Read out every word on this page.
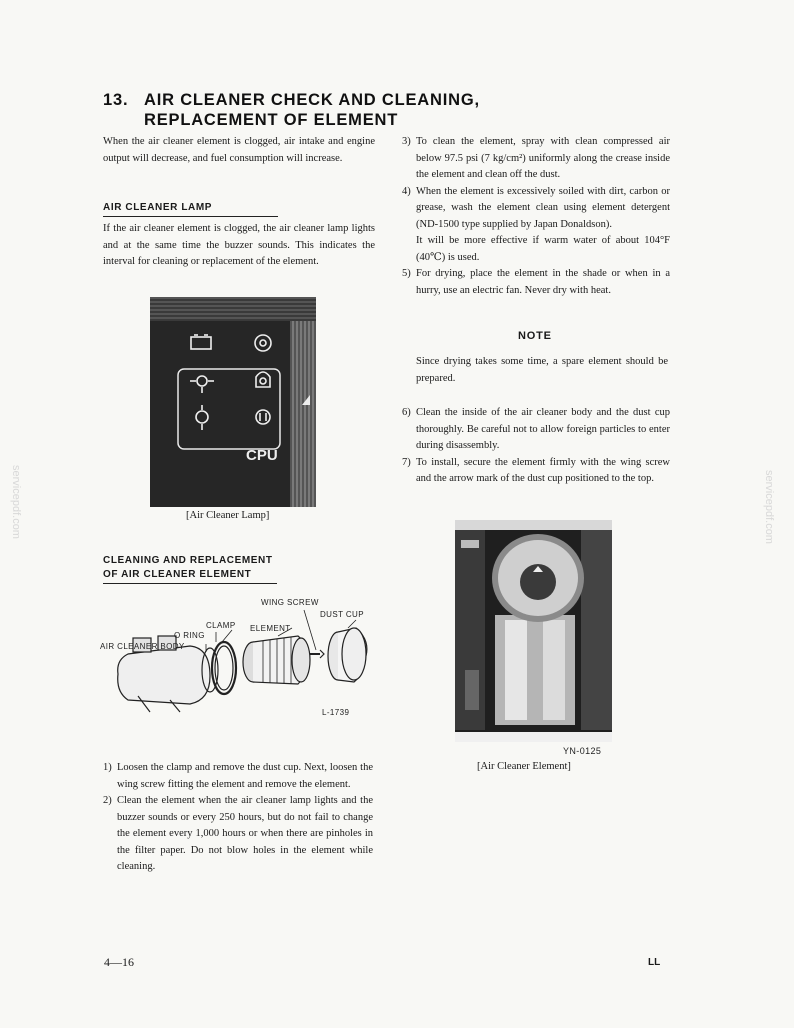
servicepdf.com	servicepdf.com
13. AIR CLEANER CHECK AND CLEANING,
REPLACEMENT OF ELEMENT
When the air cleaner element is clogged, air intake and engine output will decrease, and fuel consumption will increase.
AIR CLEANER LAMP
If the air cleaner element is clogged, the air cleaner lamp lights and at the same time the buzzer sounds. This indicates the interval for cleaning or replacement of the element.
CPU
[Air Cleaner Lamp]
CLEANING AND REPLACEMENT
OF AIR CLEANER ELEMENT
WING SCREW
DUST CUP
CLAMP ELEMENT
O RING
AIR CLEANER BODY
L-1739
1) Loosen the clamp and remove the dust cup. Next, loosen the wing screw fitting the element and remove the element.
2) Clean the element when the air cleaner lamp lights and the buzzer sounds or every 250 hours, but do not fail to change the element every 1,000 hours or when there are pinholes in the filter paper. Do not blow holes in the element while cleaning.
3) To clean the element, spray with clean compressed air below 97.5 psi (7 kg/cm²) uniformly along the crease inside the element and clean off the dust.
4) When the element is excessively soiled with dirt, carbon or grease, wash the element clean using element detergent (ND-1500 type supplied by Japan Donaldson).
It will be more effective if warm water of about 104°F (40℃) is used.
5) For drying, place the element in the shade or when in a hurry, use an electric fan. Never dry with heat.
NOTE
Since drying takes some time, a spare element should be prepared.
6) Clean the inside of the air cleaner body and the dust cup thoroughly. Be careful not to allow foreign particles to enter during disassembly.
7) To install, secure the element firmly with the wing screw and the arrow mark of the dust cup positioned to the top.
YN-0125
[Air Cleaner Element]
4—16	LL
